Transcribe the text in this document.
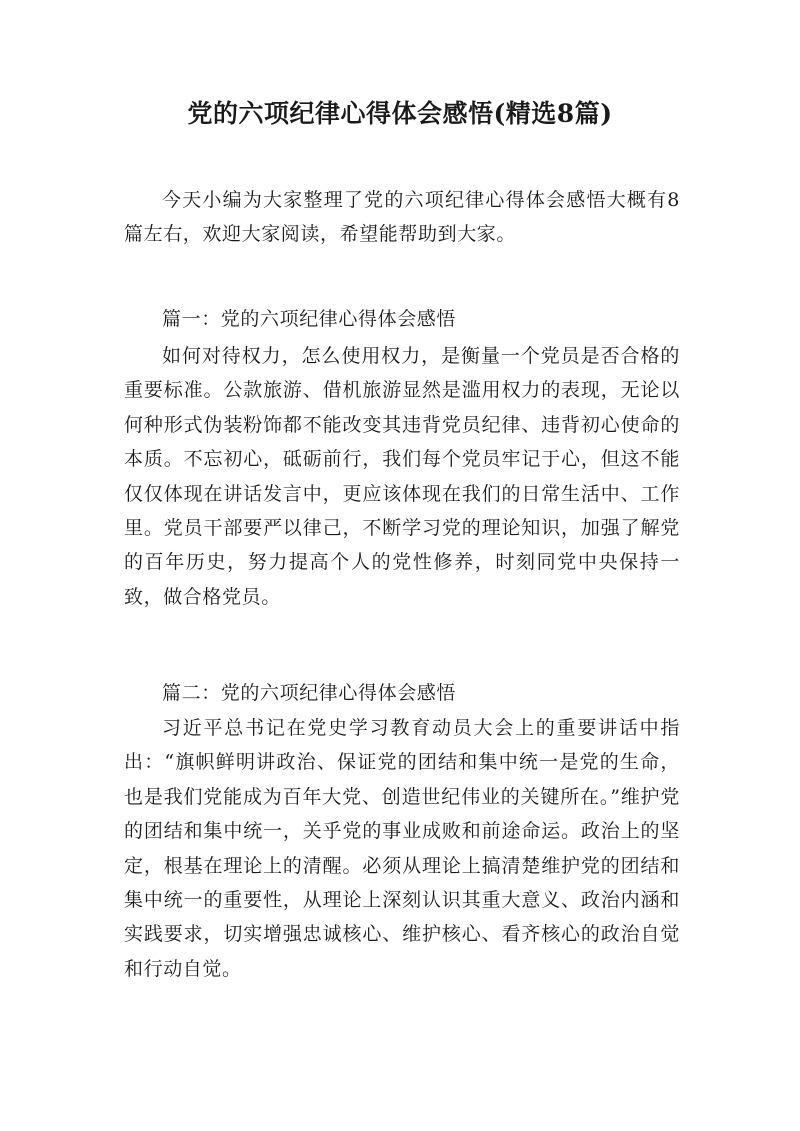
党的六项纪律心得体会感悟(精选8篇)

今天小编为大家整理了党的六项纪律心得体会感悟大概有8篇左右，欢迎大家阅读，希望能帮助到大家。

篇一：党的六项纪律心得体会感悟

如何对待权力，怎么使用权力，是衡量一个党员是否合格的重要标准。公款旅游、借机旅游显然是滥用权力的表现，无论以何种形式伪装粉饰都不能改变其违背党员纪律、违背初心使命的本质。不忘初心，砥砺前行，我们每个党员牢记于心，但这不能仅仅体现在讲话发言中，更应该体现在我们的日常生活中、工作里。党员干部要严以律己，不断学习党的理论知识，加强了解党的百年历史，努力提高个人的党性修养，时刻同党中央保持一致，做合格党员。

篇二：党的六项纪律心得体会感悟

习近平总书记在党史学习教育动员大会上的重要讲话中指出：“旗帜鲜明讲政治、保证党的团结和集中统一是党的生命，也是我们党能成为百年大党、创造世纪伟业的关键所在。”维护党的团结和集中统一，关乎党的事业成败和前途命运。政治上的坚定，根基在理论上的清醒。必须从理论上搞清楚维护党的团结和集中统一的重要性，从理论上深刻认识其重大意义、政治内涵和实践要求，切实增强忠诚核心、维护核心、看齐核心的政治自觉和行动自觉。
